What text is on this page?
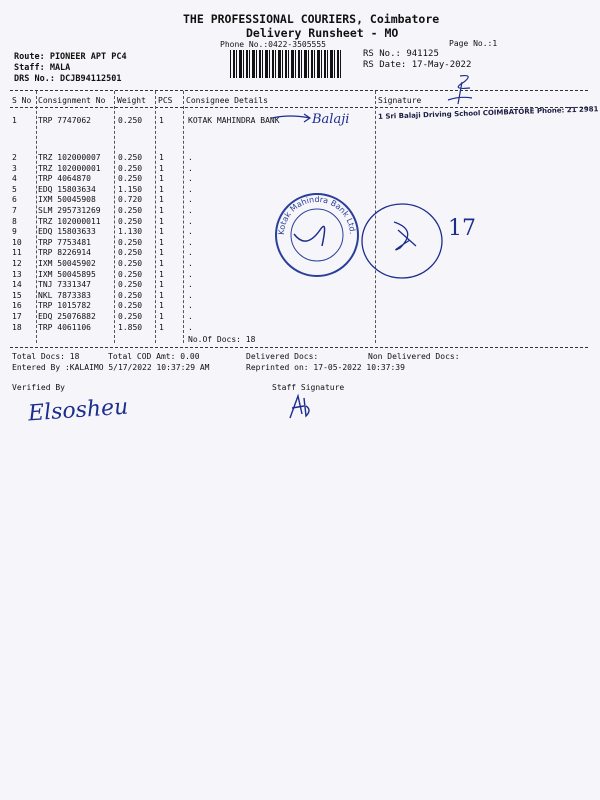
THE PROFESSIONAL COURIERS, Coimbatore
Delivery Runsheet - MO
Phone No.:0422-3505555	Page No.:1
Route: PIONEER APT PC4
Staff: MALA
DRS No.: DCJB94112501
RS No.: 941125
RS Date: 17-May-2022
S No Consignment No Weight PCS Consignee Details	Signature
1	TRP 7747062	0.250 1	KOTAK MAHINDRA BANK
2	TRZ 102000007 0.250 1	.
3	TRZ 102000001 0.250 1	.
4	TRP 4064870	0.250 1	.
5	EDQ 15803634	1.150 1	.
6	IXM 50045908	0.720 1	.
7	SLM 295731269 0.250 1	.
8	TRZ 102000011 0.250 1	.
9	EDQ 15803633	1.130 1	.
10 TRP 7753481	0.250 1	.
11 TRP 8226914	0.250 1	.
12 IXM 50045902	0.250 1	.
13 IXM 50045895	0.250 1	.
14 TNJ 7331347	0.250 1	.
15 NKL 7873383	0.250 1	.
16 TRP 1015782	0.250 1	.
17 EDQ 25076882	0.250 1	.
18 TRP 4061106	1.850 1	.
No.Of Docs: 18
Total Docs: 18	Total COD Amt: 0.00	Delivered Docs:	Non Delivered Docs:
Entered By :KALAIMO 5/17/2022 10:37:29 AM	Reprinted on: 17-05-2022 10:37:39
Verified By	Staff Signature
Balaji	1 Sri Balaji Driving School COIMBATORE Phone: 21 2981
Kotak Mahindra Bank Ltd.	17
Elsosheu
